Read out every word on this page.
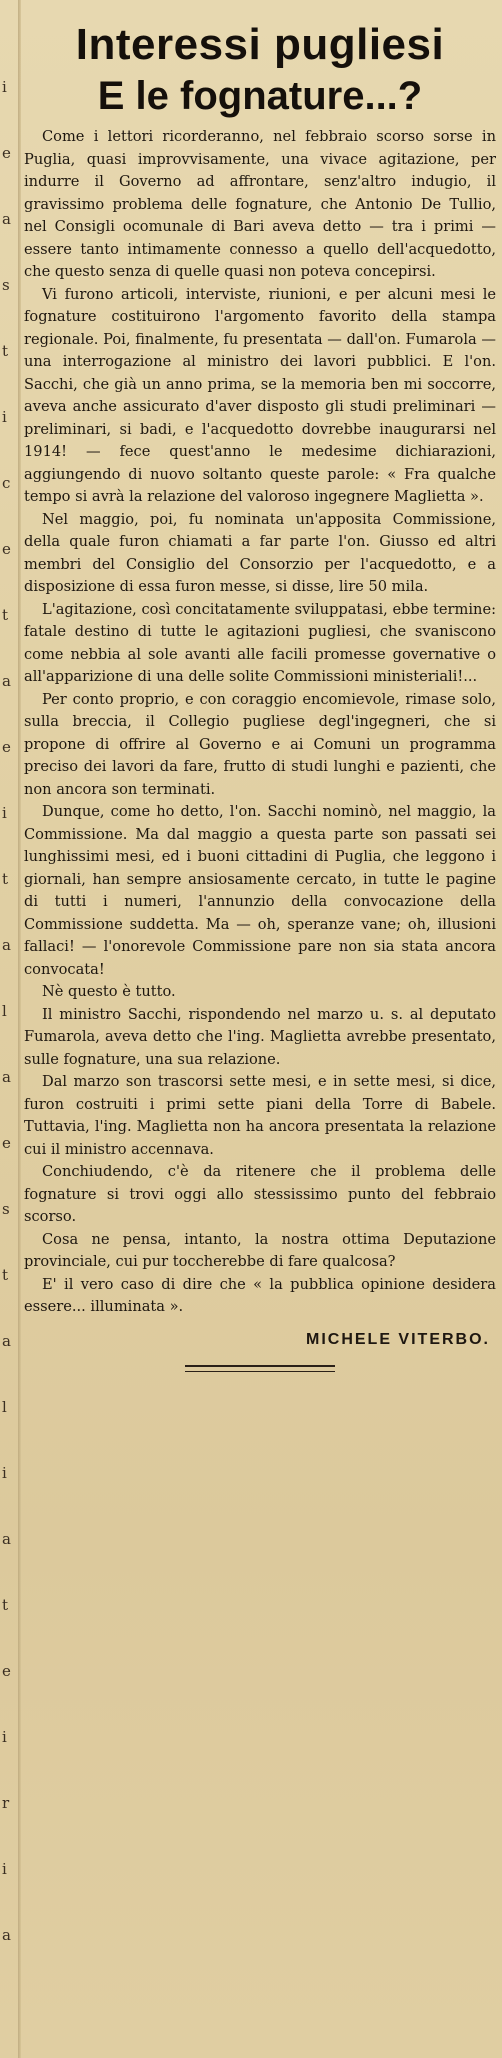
i
e
a
s
t
i
c
e
t
a
e
i
t
a
l
a
e
s
t
a
l
i
a
t
e
i
r
i
a
Interessi pugliesi
E le fognature...?

Come i lettori ricorderanno, nel febbraio scorso sorse in Puglia, quasi improvvisamente, una vivace agitazione, per indurre il Governo ad affrontare, senz'altro indugio, il gravissimo problema delle fognature, che Antonio De Tullio, nel Consigli ocomunale di Bari aveva detto — tra i primi — essere tanto intimamente connesso a quello dell'acquedotto, che questo senza di quelle quasi non poteva concepirsi.

Vi furono articoli, interviste, riunioni, e per alcuni mesi le fognature costituirono l'argomento favorito della stampa regionale. Poi, finalmente, fu presentata — dall'on. Fumarola — una interrogazione al ministro dei lavori pubblici. E l'on. Sacchi, che già un anno prima, se la memoria ben mi soccorre, aveva anche assicurato d'aver disposto gli studi preliminari — preliminari, si badi, e l'acquedotto dovrebbe inaugurarsi nel 1914! — fece quest'anno le medesime dichiarazioni, aggiungendo di nuovo soltanto queste parole: « Fra qualche tempo si avrà la relazione del valoroso ingegnere Maglietta ».

Nel maggio, poi, fu nominata un'apposita Commissione, della quale furon chiamati a far parte l'on. Giusso ed altri membri del Consiglio del Consorzio per l'acquedotto, e a disposizione di essa furon messe, si disse, lire 50 mila.

L'agitazione, così concitatamente sviluppatasi, ebbe termine: fatale destino di tutte le agitazioni pugliesi, che svaniscono come nebbia al sole avanti alle facili promesse governative o all'apparizione di una delle solite Commissioni ministeriali!...

Per conto proprio, e con coraggio encomievole, rimase solo, sulla breccia, il Collegio pugliese degl'ingegneri, che si propone di offrire al Governo e ai Comuni un programma preciso dei lavori da fare, frutto di studi lunghi e pazienti, che non ancora son terminati.

Dunque, come ho detto, l'on. Sacchi nominò, nel maggio, la Commissione. Ma dal maggio a questa parte son passati sei lunghissimi mesi, ed i buoni cittadini di Puglia, che leggono i giornali, han sempre ansiosamente cercato, in tutte le pagine di tutti i numeri, l'annunzio della convocazione della Commissione suddetta. Ma — oh, speranze vane; oh, illusioni fallaci! — l'onorevole Commissione pare non sia stata ancora convocata!

Nè questo è tutto.

Il ministro Sacchi, rispondendo nel marzo u. s. al deputato Fumarola, aveva detto che l'ing. Maglietta avrebbe presentato, sulle fognature, una sua relazione.

Dal marzo son trascorsi sette mesi, e in sette mesi, si dice, furon costruiti i primi sette piani della Torre di Babele. Tuttavia, l'ing. Maglietta non ha ancora presentata la relazione cui il ministro accennava.

Conchiudendo, c'è da ritenere che il problema delle fognature si trovi oggi allo stessissimo punto del febbraio scorso.

Cosa ne pensa, intanto, la nostra ottima Deputazione provinciale, cui pur toccherebbe di fare qualcosa?

E' il vero caso di dire che « la pubblica opinione desidera essere... illuminata ».

MICHELE VITERBO.
